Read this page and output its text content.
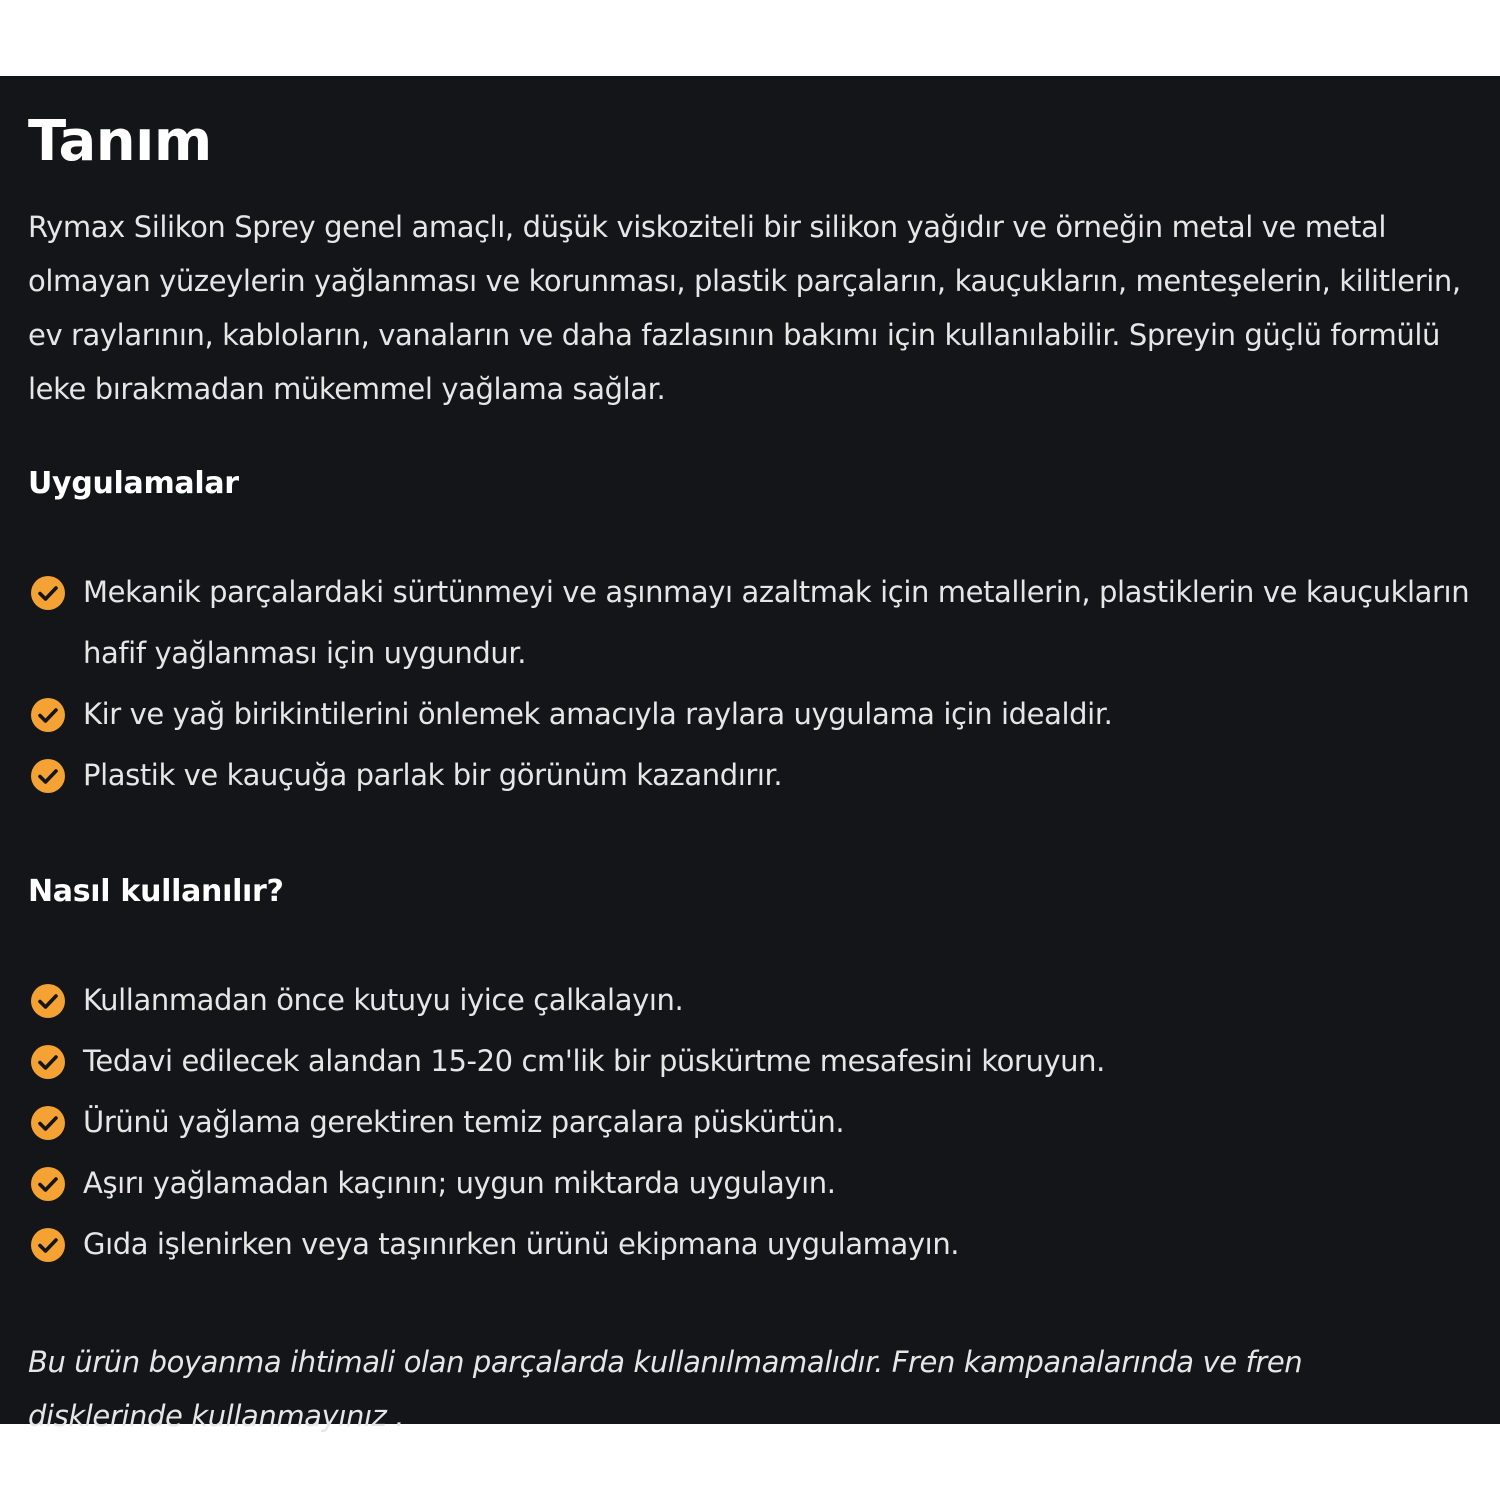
Tanım

Rymax Silikon Sprey genel amaçlı, düşük viskoziteli bir silikon yağıdır ve örneğin metal ve metal olmayan yüzeylerin yağlanması ve korunması, plastik parçaların, kauçukların, menteşelerin, kilitlerin, ev raylarının, kabloların, vanaların ve daha fazlasının bakımı için kullanılabilir. Spreyin güçlü formülü leke bırakmadan mükemmel yağlama sağlar.

Uygulamalar
Mekanik parçalardaki sürtünmeyi ve aşınmayı azaltmak için metallerin, plastiklerin ve kauçukların hafif yağlanması için uygundur.
Kir ve yağ birikintilerini önlemek amacıyla raylara uygulama için idealdir.
Plastik ve kauçuğa parlak bir görünüm kazandırır.
Nasıl kullanılır?
Kullanmadan önce kutuyu iyice çalkalayın.
Tedavi edilecek alandan 15-20 cm'lik bir püskürtme mesafesini koruyun.
Ürünü yağlama gerektiren temiz parçalara püskürtün.
Aşırı yağlamadan kaçının; uygun miktarda uygulayın.
Gıda işlenirken veya taşınırken ürünü ekipmana uygulamayın.

Bu ürün boyanma ihtimali olan parçalarda kullanılmamalıdır. Fren kampanalarında ve fren disklerinde kullanmayınız .
